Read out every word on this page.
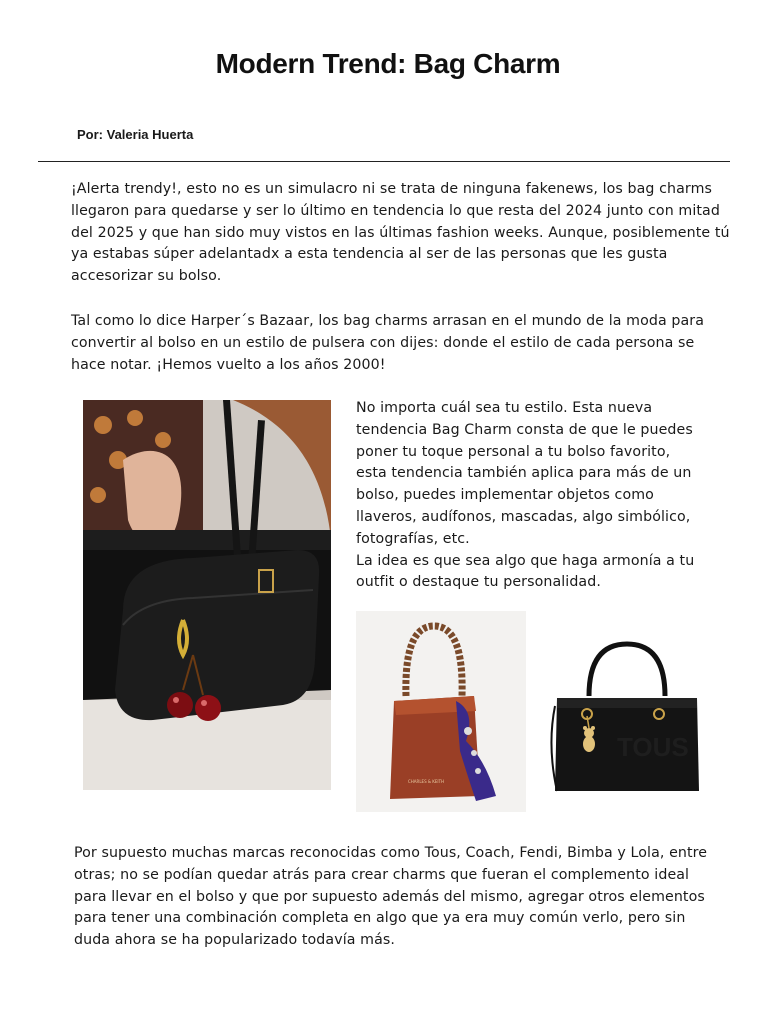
Modern Trend: Bag Charm
Por: Valeria Huerta

¡Alerta trendy!, esto no es un simulacro ni se trata de ninguna fakenews, los bag charms llegaron para quedarse y ser lo último en tendencia lo que resta del 2024 junto con mitad del 2025 y que han sido muy vistos en las últimas fashion weeks. Aunque, posiblemente tú ya estabas súper adelantadx a esta tendencia al ser de las personas que les gusta accesorizar su bolso.

Tal como lo dice Harper´s Bazaar, los bag charms arrasan en el mundo de la moda para convertir al bolso en un estilo de pulsera con dijes: donde el estilo de cada persona se hace notar. ¡Hemos vuelto a los años 2000!

No importa cuál sea tu estilo. Esta nueva tendencia Bag Charm consta de que le puedes poner tu toque personal a tu bolso favorito, esta tendencia también aplica para más de un bolso, puedes implementar objetos como llaveros, audífonos, mascadas, algo simbólico, fotografías, etc.
La idea es que sea algo que haga armonía a tu outfit o destaque tu personalidad.

Por supuesto muchas marcas reconocidas como Tous, Coach, Fendi, Bimba y Lola, entre otras; no se podían quedar atrás para crear charms que fueran el complemento ideal para llevar en el bolso y que por supuesto además del mismo, agregar otros elementos para tener una combinación completa en algo que ya era muy común verlo, pero sin duda ahora se ha popularizado todavía más.

CHARLES & KEITH
TOUS
